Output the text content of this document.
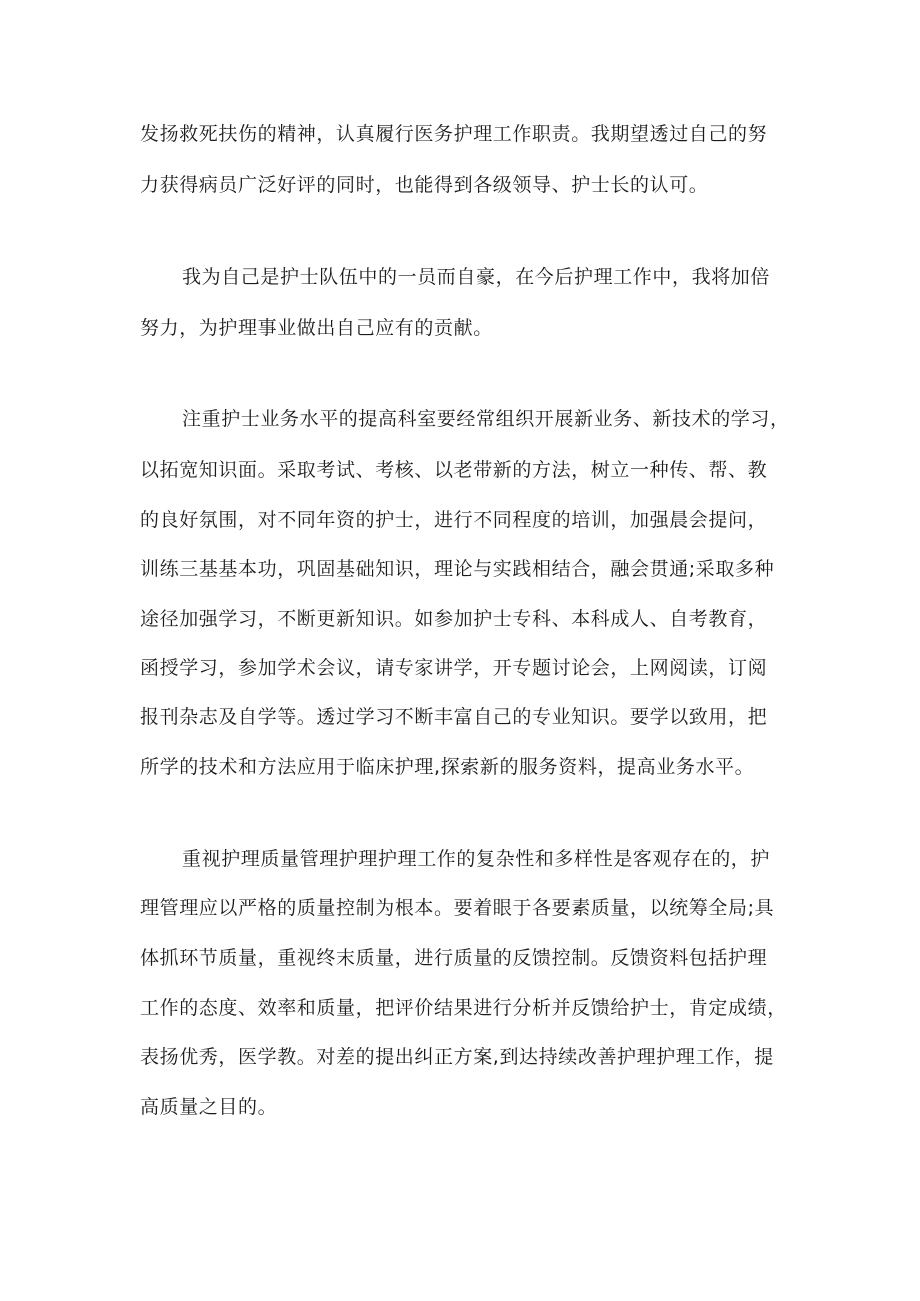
发扬救死扶伤的精神，认真履行医务护理工作职责。我期望透过自己的努
力获得病员广泛好评的同时，也能得到各级领导、护士长的认可。
我为自己是护士队伍中的一员而自豪，在今后护理工作中，我将加倍
努力，为护理事业做出自己应有的贡献。
注重护士业务水平的提高科室要经常组织开展新业务、新技术的学习，
以拓宽知识面。采取考试、考核、以老带新的方法，树立一种传、帮、教
的良好氛围，对不同年资的护士，进行不同程度的培训，加强晨会提问，
训练三基基本功，巩固基础知识，理论与实践相结合，融会贯通;采取多种
途径加强学习，不断更新知识。如参加护士专科、本科成人、自考教育，
函授学习，参加学术会议，请专家讲学，开专题讨论会，上网阅读，订阅
报刊杂志及自学等。透过学习不断丰富自己的专业知识。要学以致用，把
所学的技术和方法应用于临床护理,探索新的服务资料，提高业务水平。
重视护理质量管理护理护理工作的复杂性和多样性是客观存在的，护
理管理应以严格的质量控制为根本。要着眼于各要素质量，以统筹全局;具
体抓环节质量，重视终末质量，进行质量的反馈控制。反馈资料包括护理
工作的态度、效率和质量，把评价结果进行分析并反馈给护士，肯定成绩，
表扬优秀，医学教。对差的提出纠正方案,到达持续改善护理护理工作，提
高质量之目的。
